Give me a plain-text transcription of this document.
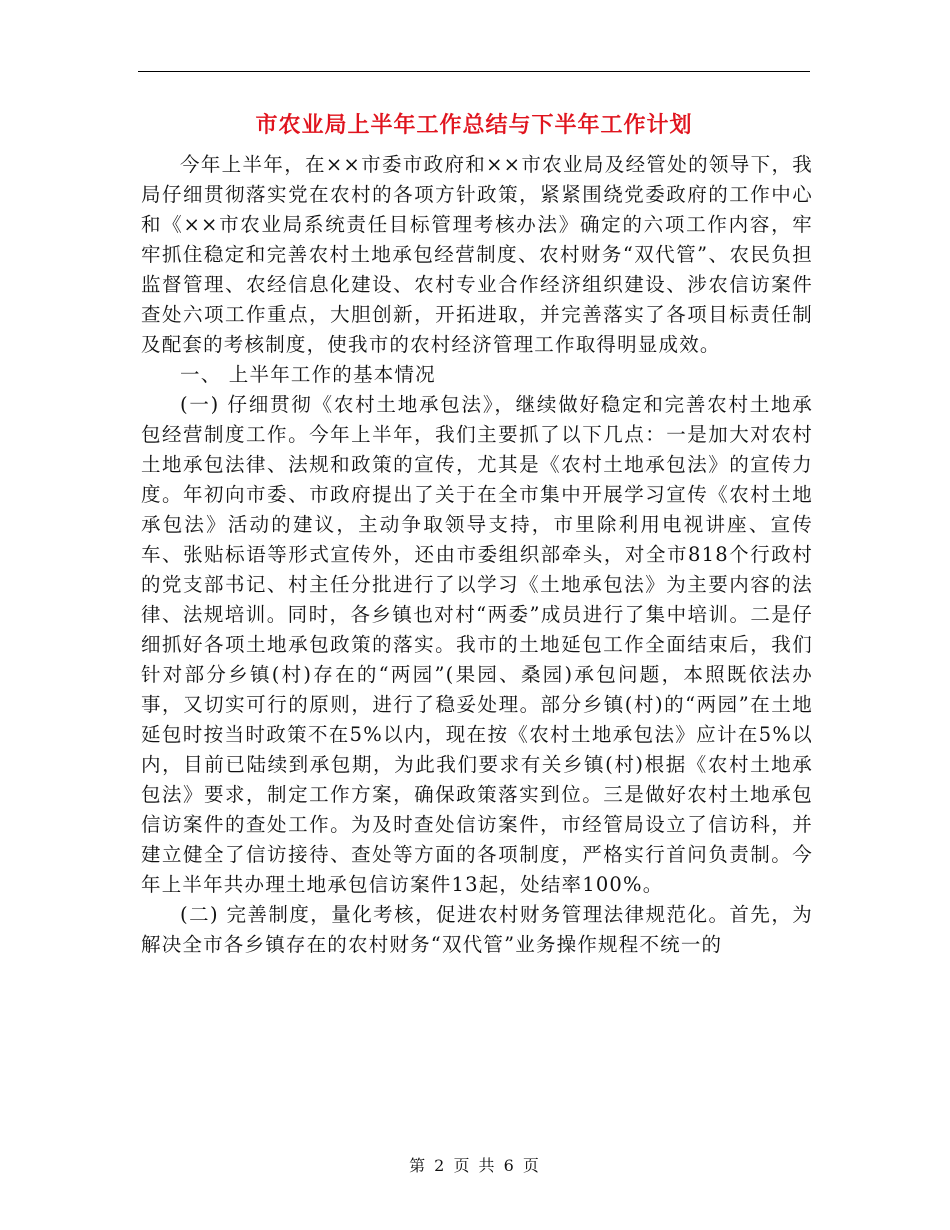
市农业局上半年工作总结与下半年工作计划

今年上半年，在××市委市政府和××市农业局及经管处的领导下，我局仔细贯彻落实党在农村的各项方针政策，紧紧围绕党委政府的工作中心和《××市农业局系统责任目标管理考核办法》确定的六项工作内容，牢牢抓住稳定和完善农村土地承包经营制度、农村财务“双代管”、农民负担监督管理、农经信息化建设、农村专业合作经济组织建设、涉农信访案件查处六项工作重点，大胆创新，开拓进取，并完善落实了各项目标责任制及配套的考核制度，使我市的农村经济管理工作取得明显成效。

一、 上半年工作的基本情况

(一) 仔细贯彻《农村土地承包法》，继续做好稳定和完善农村土地承包经营制度工作。今年上半年，我们主要抓了以下几点：一是加大对农村土地承包法律、法规和政策的宣传，尤其是《农村土地承包法》的宣传力度。年初向市委、市政府提出了关于在全市集中开展学习宣传《农村土地承包法》活动的建议，主动争取领导支持，市里除利用电视讲座、宣传车、张贴标语等形式宣传外，还由市委组织部牵头，对全市818个行政村的党支部书记、村主任分批进行了以学习《土地承包法》为主要内容的法律、法规培训。同时，各乡镇也对村“两委”成员进行了集中培训。二是仔细抓好各项土地承包政策的落实。我市的土地延包工作全面结束后，我们针对部分乡镇(村)存在的“两园”(果园、桑园)承包问题，本照既依法办事，又切实可行的原则，进行了稳妥处理。部分乡镇(村)的“两园”在土地延包时按当时政策不在5%以内，现在按《农村土地承包法》应计在5%以内，目前已陆续到承包期，为此我们要求有关乡镇(村)根据《农村土地承包法》要求，制定工作方案，确保政策落实到位。三是做好农村土地承包信访案件的查处工作。为及时查处信访案件，市经管局设立了信访科，并建立健全了信访接待、查处等方面的各项制度，严格实行首问负责制。今年上半年共办理土地承包信访案件13起，处结率100%。

(二) 完善制度，量化考核，促进农村财务管理法律规范化。首先，为解决全市各乡镇存在的农村财务“双代管”业务操作规程不统一的

第 2 页 共 6 页
